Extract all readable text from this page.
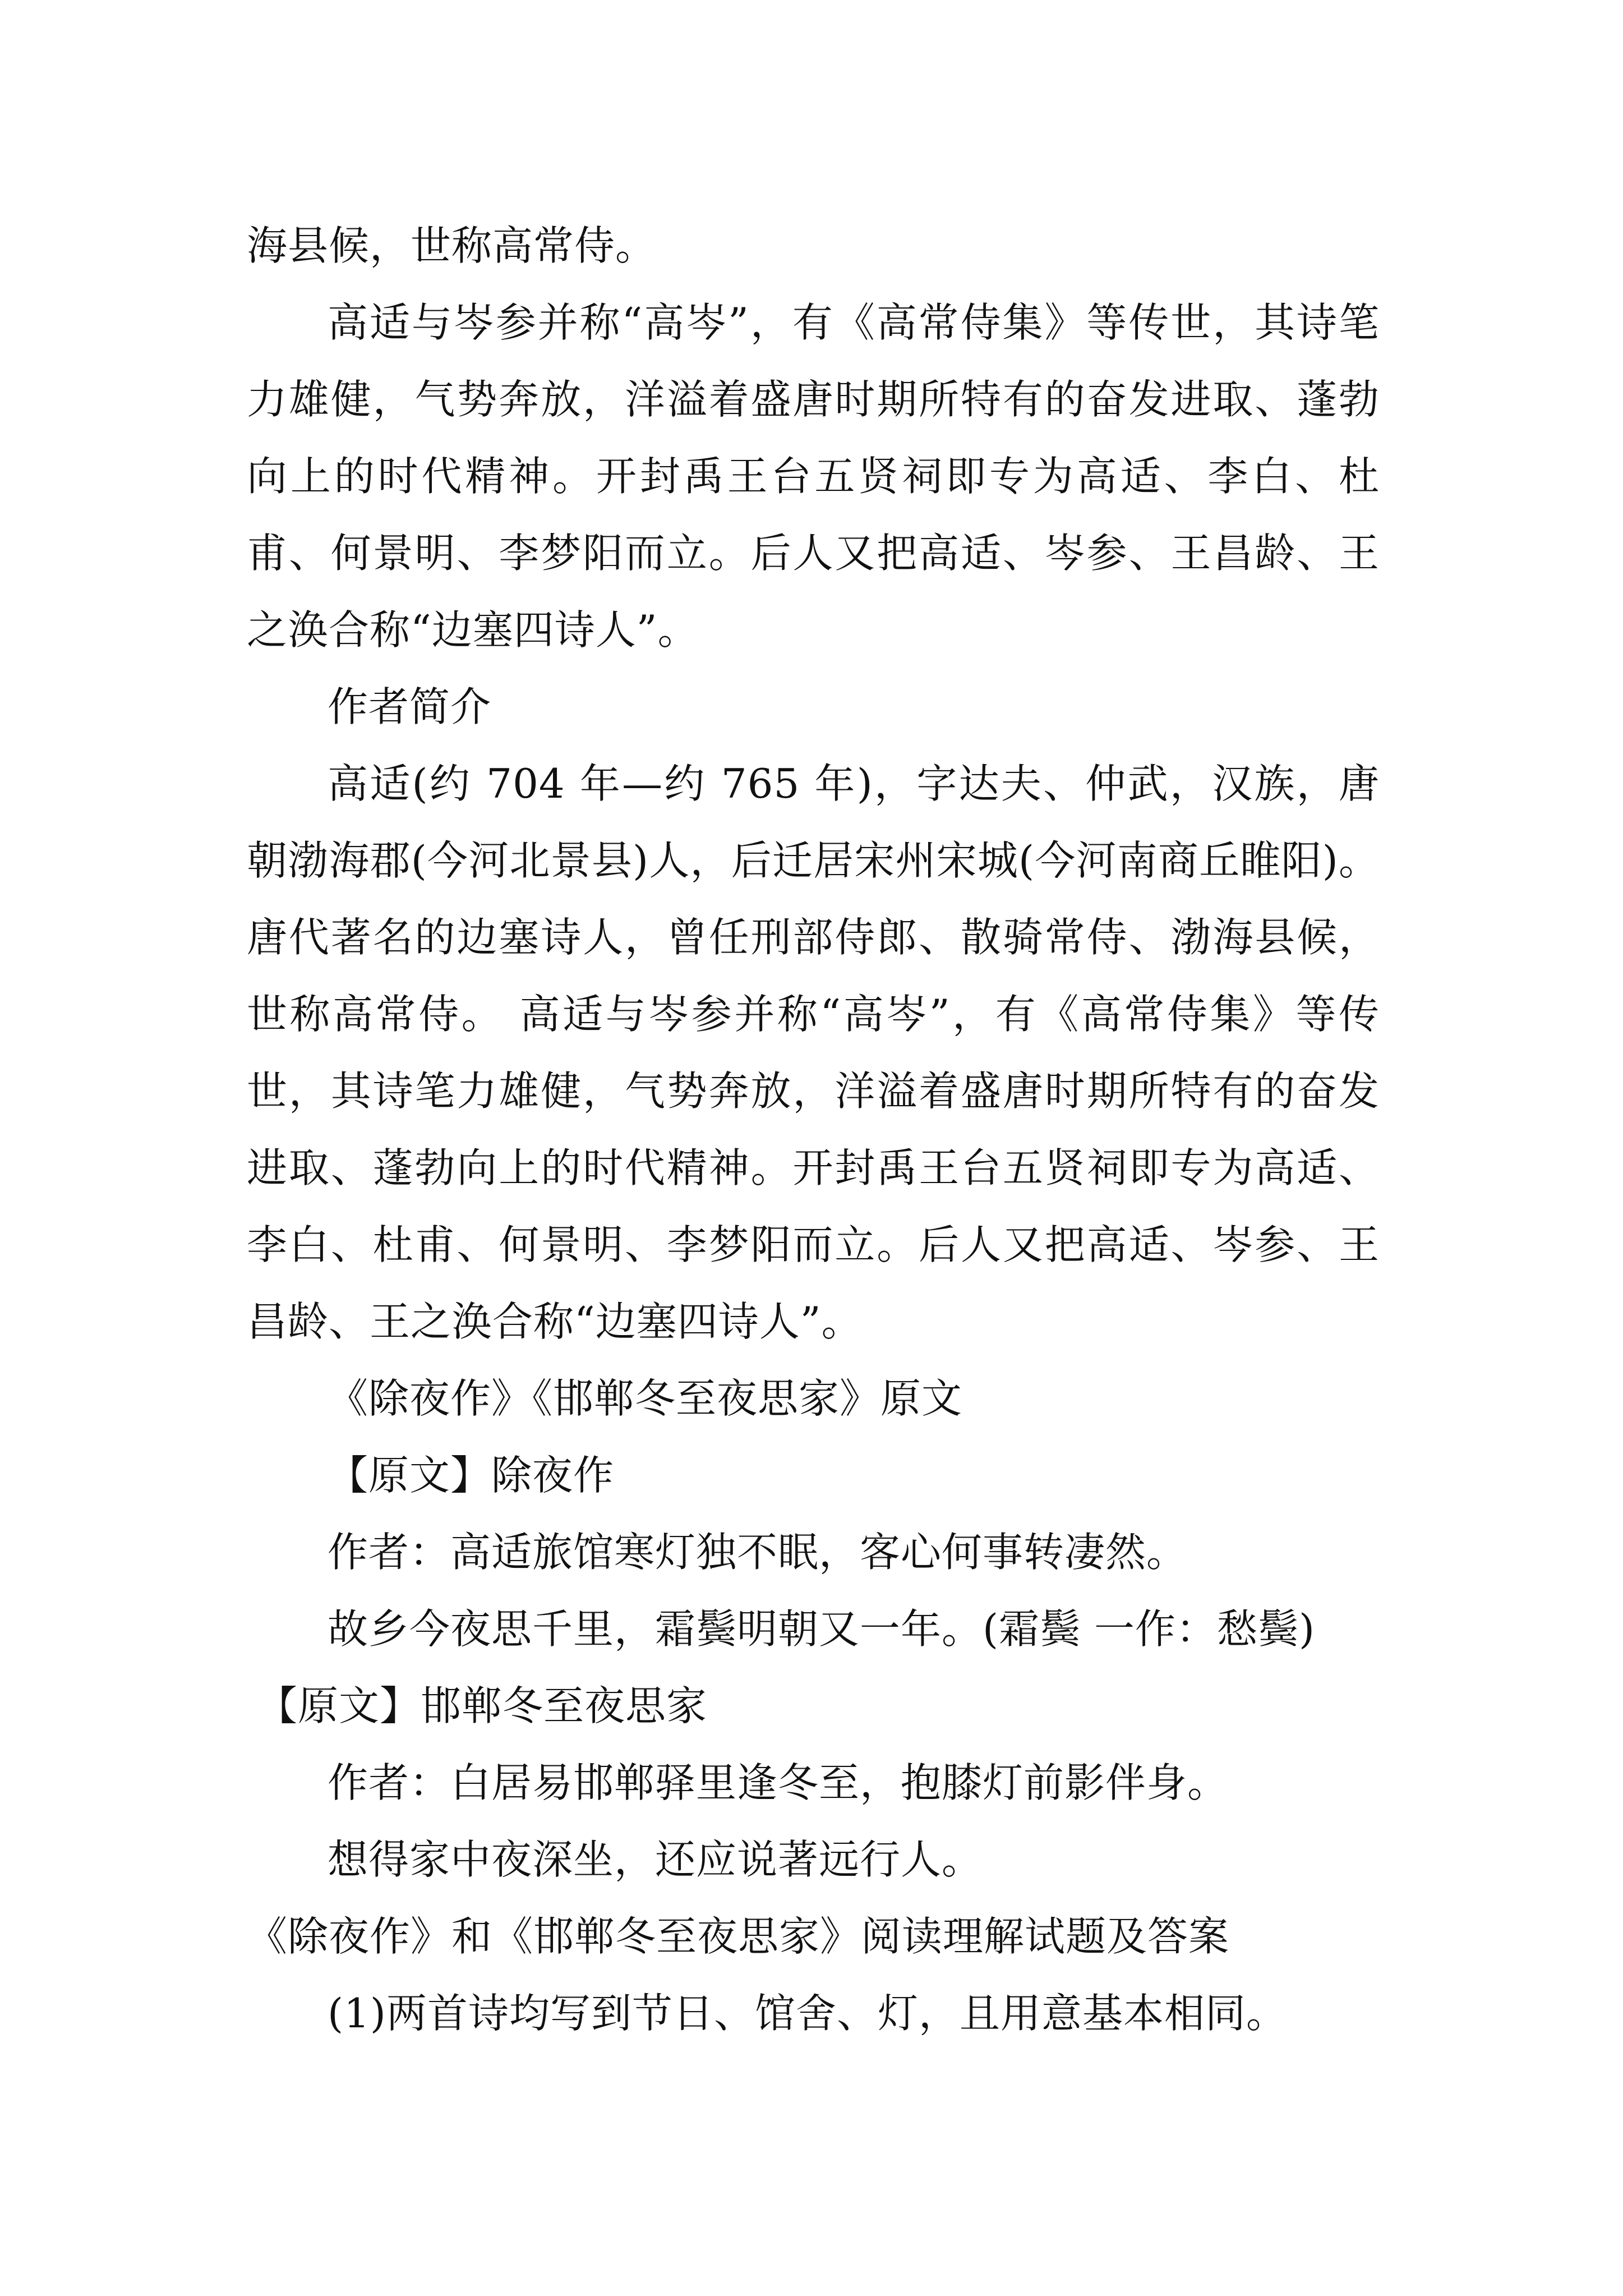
海县候，世称高常侍。

高适与岑参并称“高岑”，有《高常侍集》等传世，其诗笔力雄健，气势奔放，洋溢着盛唐时期所特有的奋发进取、蓬勃向上的时代精神。开封禹王台五贤祠即专为高适、李白、杜甫、何景明、李梦阳而立。后人又把高适、岑参、王昌龄、王之涣合称“边塞四诗人”。

作者简介

高适(约 704 年—约 765 年)，字达夫、仲武，汉族，唐朝渤海郡(今河北景县)人，后迁居宋州宋城(今河南商丘睢阳)。唐代著名的边塞诗人，曾任刑部侍郎、散骑常侍、渤海县候，世称高常侍。 高适与岑参并称“高岑”，有《高常侍集》等传世，其诗笔力雄健，气势奔放，洋溢着盛唐时期所特有的奋发进取、蓬勃向上的时代精神。开封禹王台五贤祠即专为高适、李白、杜甫、何景明、李梦阳而立。后人又把高适、岑参、王昌龄、王之涣合称“边塞四诗人”。

《除夜作》《邯郸冬至夜思家》原文

【原文】除夜作

作者：高适旅馆寒灯独不眠，客心何事转凄然。

故乡今夜思千里，霜鬓明朝又一年。(霜鬓 一作：愁鬓)

【原文】邯郸冬至夜思家

作者：白居易邯郸驿里逢冬至，抱膝灯前影伴身。

想得家中夜深坐，还应说著远行人。

《除夜作》和《邯郸冬至夜思家》阅读理解试题及答案

(1)两首诗均写到节日、馆舍、灯，且用意基本相同。
